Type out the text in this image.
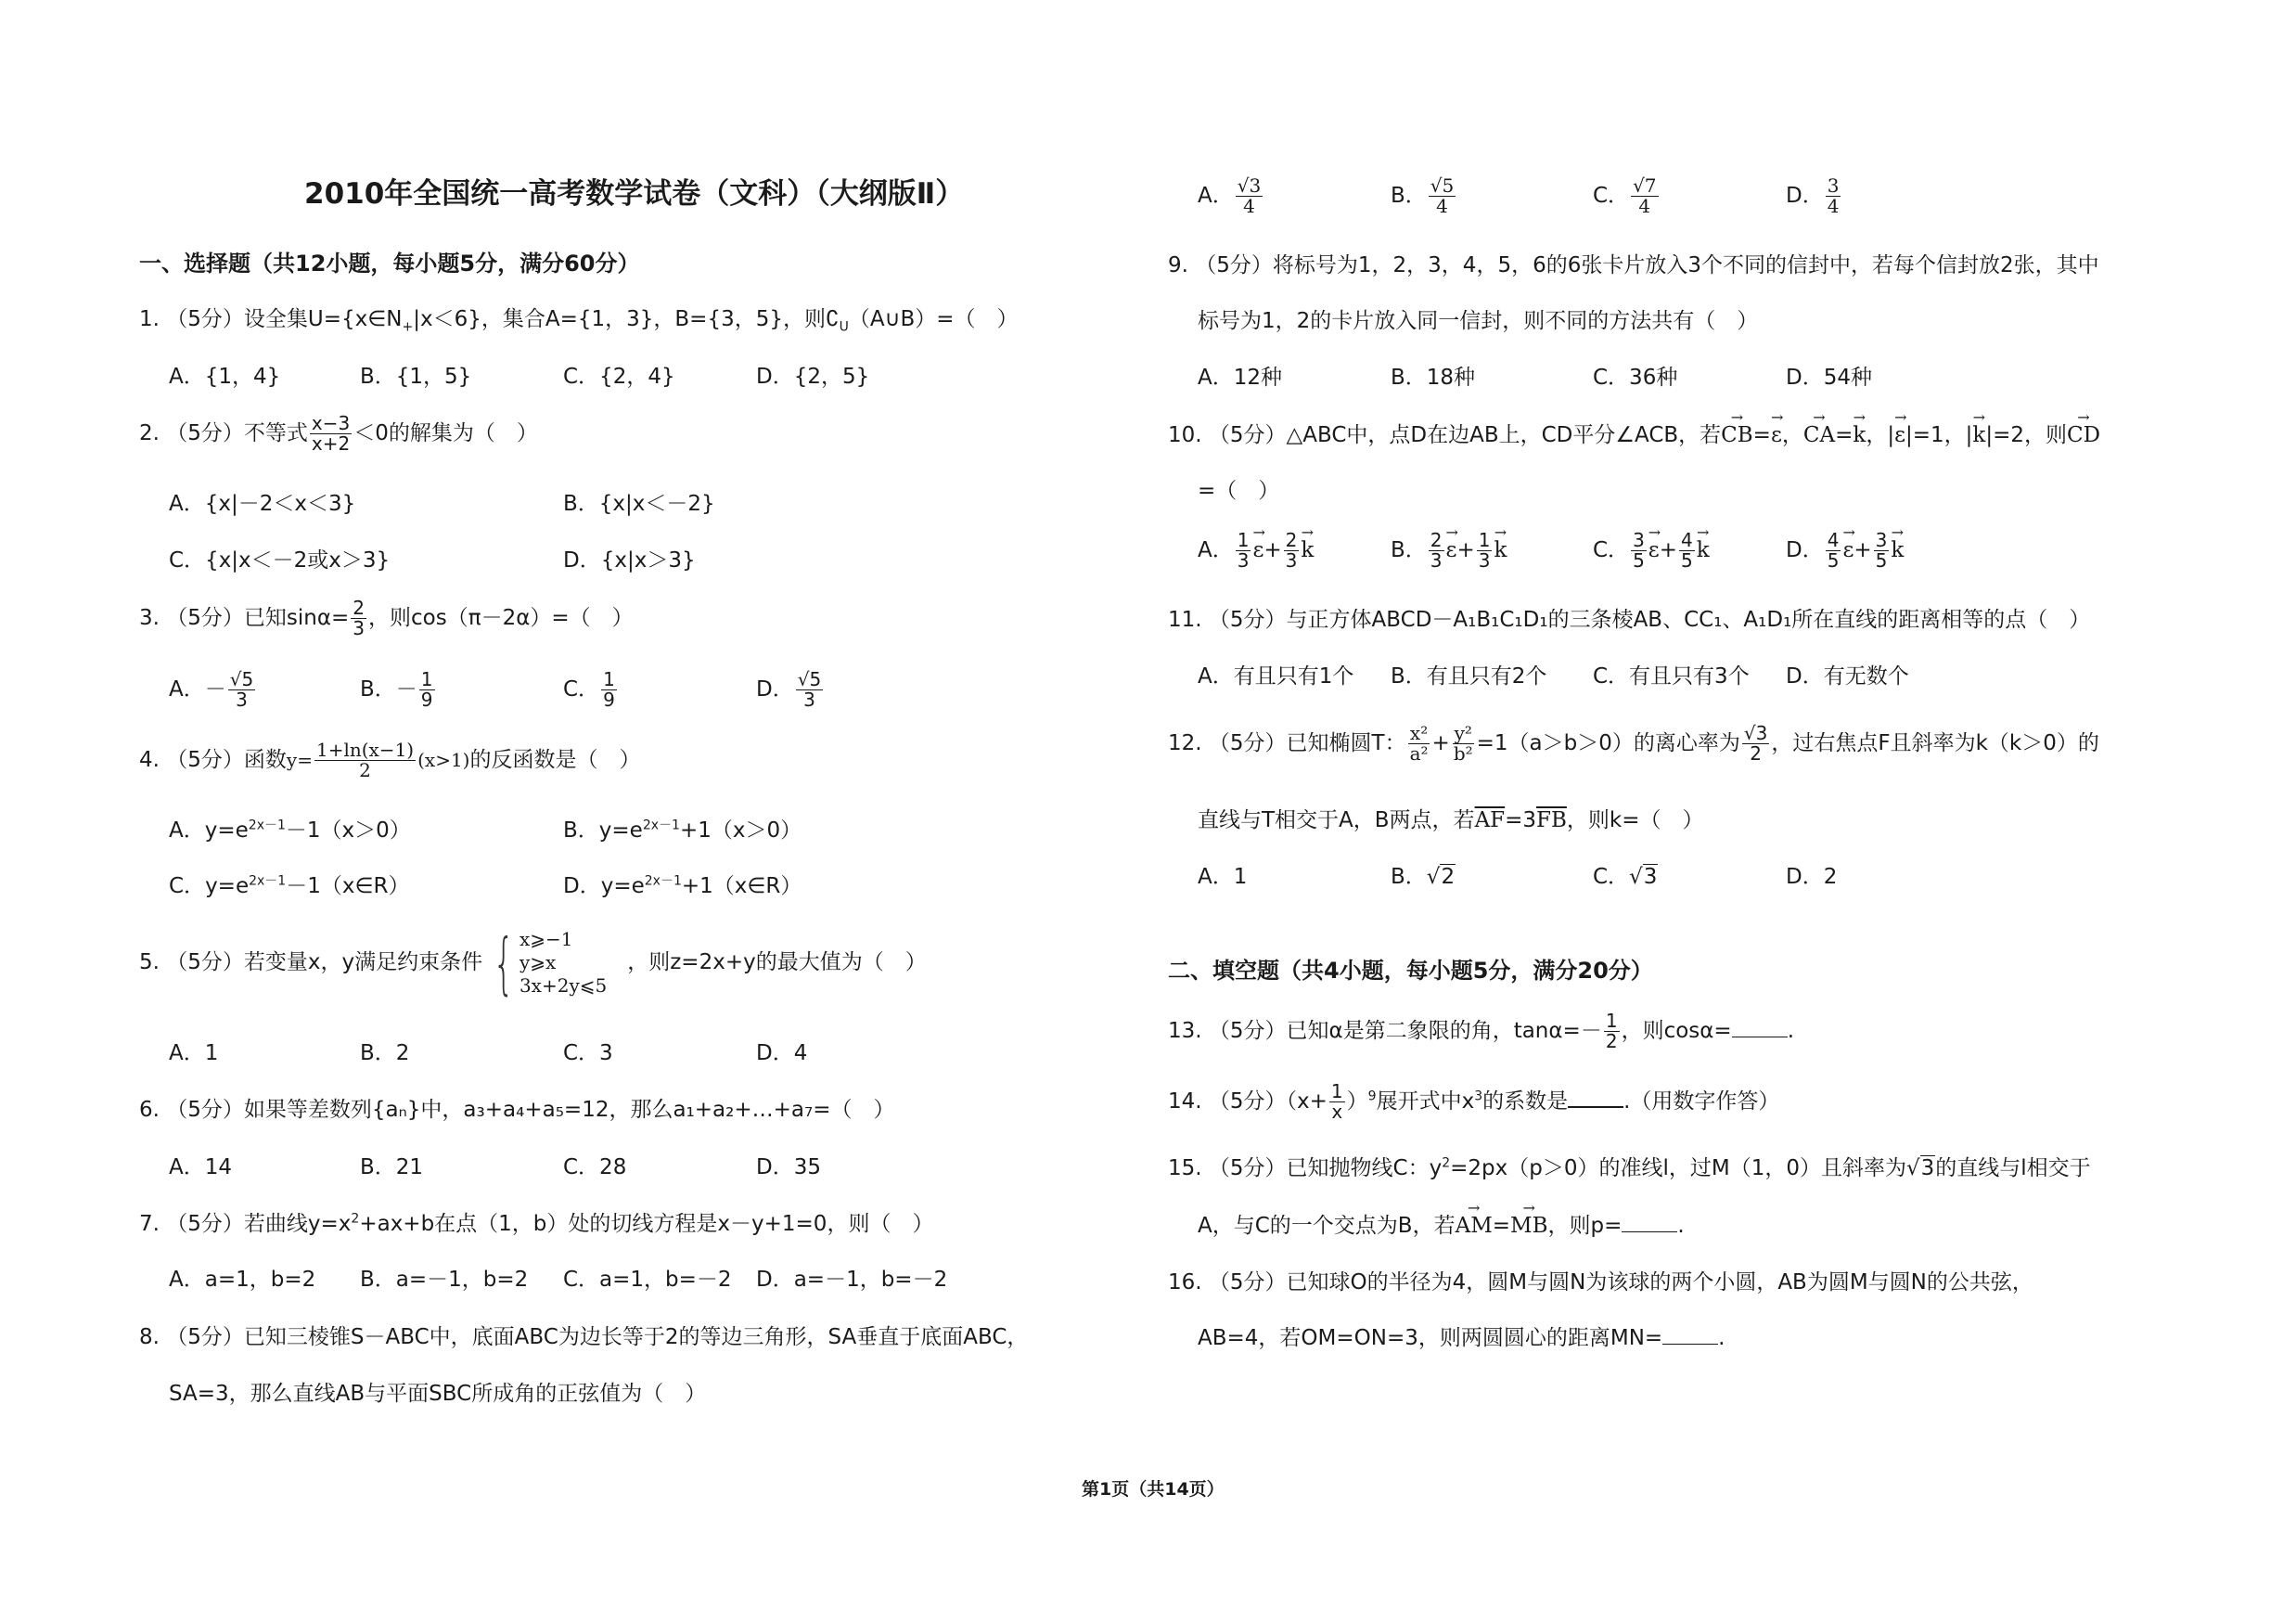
2010年全国统一高考数学试卷（文科）（大纲版Ⅱ）
一、选择题（共12小题，每小题5分，满分60分）
1. （5分）设全集$U=\{x\in N_+|x<6\}$，集合A={1，3}，B={3，5}，则$∁_U(A\cup B)=$（　）
A．{1，4}	B．{1，5}	C．{2，4}	D．{2，5}
2. （5分）不等式 $\frac{x-3}{x+2} <0$的解集为（　）
A．{x|－2＜x＜3}	B．{x|x＜－2}
C．{x|x＜－2或x＞3}	D．{x|x＞3}
3. （5分）已知$\sin\alpha= \frac{2}{3}$ ，则cos（π－2α）=（　）
A．－ $\frac{√5}{3}$	B．－ $\frac{1}{9}$	C． $\frac{1}{9}$	D． $\frac{√5}{3}$
4. （5分）函数$y= \frac{1+\ln(x-1)}{2} (x>1)$的反函数是（　）
A．$y=e^{2x-1}-1(x>0)$	B．$y=e^{2x-1}+1(x>0)$
C．$y=e^{2x-1}-1(x\in R)$	D．$y=e^{2x-1}+1(x\in R)$
5.
（5分） 若变量x，y满足约束条件 { x⩾−1
y⩾x
3x+2y⩽5
，则z=2x+y的最大值为（　）
A．1	B．2	C．3	D．4
6. （5分）如果等差数列{aₙ}中，a₃+a₄+a₅=12，那么a₁+a₂+…+a₇=（　）
A．14	B．21	C．28	D．35
7. （5分）若曲线$y=x^2+ax+b$在点（1，b）处的切线方程是x－y+1=0，则（　）
A．a=1，b=2 B．a=－1，b=2 C．a=1，b=－2 D．a=－1，b=－2
8. （5分）已知三棱锥S－ABC中，底面ABC为边长等于2的等边三角形，SA垂直于底面ABC，
SA=3，那么直线AB与平面SBC所成角的正弦值为（　）
A． $\frac{√3}{4}$	B． $\frac{√5}{4}$	C． $\frac{√7}{4}$	D． $\frac{3}{4}$
9. （5分）将标号为1，2，3，4，5，6的6张卡片放入3个不同的信封中，若每个信封放2张，其中
标号为1，2的卡片放入同一信封，则不同的方法共有（　）
A．12种	B．18种	C．36种	D．54种
10. （5分）△ABC中，点D在边AB上，CD平分∠ACB，若→ CB=→ ε，→ CA=→ k，|→ ε|=1，|→ k|=2，则→ CD
=（　）
A． $\frac{1}{3} \to \varepsilon+ \frac{2}{3} \to k$	B． $\frac{2}{3} \to \varepsilon+ \frac{1}{3} \to k$	C． $\frac{3}{5} \to \varepsilon+ \frac{4}{5} \to k$	D． $\frac{4}{5} \to \varepsilon+ \frac{3}{5} \to k$
11. （5分）与正方体ABCD－A₁B₁C₁D₁的三条棱AB、CC₁、A₁D₁所在直线的距离相等的点（　）
A．有且只有1个 B．有且只有2个 C．有且只有3个 D．有无数个
12. （5分）已知椭圆T： $\frac{\text{x²}}{\text{a²}} + \frac{\text{y²}}{\text{b²}} =1(a>b>0)$的离心率为 $\frac{√3}{2}$ ，过右焦点F且斜率为k（k＞0）的
直线与T相交于A，B两点，若$\overline{AF}=3\overline{FB}$，则k=（　）
A．1	B．√2	C．√3	D．2
二、填空题（共4小题，每小题5分，满分20分）
13. （5分）已知α是第二象限的角，$\tan\alpha=- \frac{1}{2}$ ，则cosα=	.
14. （5分）$(x+ \frac{1}{x} )^9$展开式中$x^3$的系数是	.（用数字作答）
15. （5分）已知抛物线C：$y^2=2px(p>0)$的准线l，过M（1，0）且斜率为√3的直线与l相交于
A，与C的一个交点为B，若→ AM=→ MB，则p=	.
16. （5分）已知球O的半径为4，圆M与圆N为该球的两个小圆，AB为圆M与圆N的公共弦，
AB=4，若OM=ON=3，则两圆圆心的距离MN=	.
第1页（共14页）
